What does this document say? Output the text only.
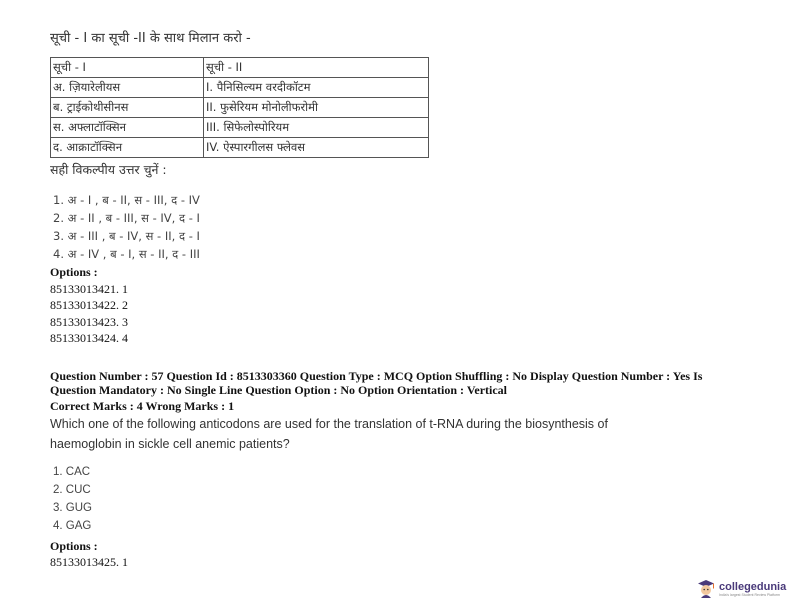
सूची - I का सूची -II के साथ मिलान करो -
सूची - I	सूची - II
अ. ज़ियारेलीयस	I. पैनिसिल्यम वरदीकॉटम
ब. ट्राईकोथीसीनस	II. फुसेरियम मोनोलीफरोमी
स. अफ्लाटॉक्सिन	III. सिफेलोस्पोरियम
द. आक्राटॉक्सिन	IV. ऐस्पारगीलस फ्लेवस
सही विकल्पीय उत्तर चुनें :
1. अ - I , ब - II, स - III, द - IV
2. अ - II , ब - III, स - IV, द - I
3. अ - III , ब - IV, स - II, द - I
4. अ - IV , ब - I, स - II, द - III
Options :
85133013421. 1
85133013422. 2
85133013423. 3
85133013424. 4
Question Number : 57 Question Id : 8513303360 Question Type : MCQ Option Shuffling : No Display Question Number : Yes Is
Question Mandatory : No Single Line Question Option : No Option Orientation : Vertical
Correct Marks : 4 Wrong Marks : 1
Which one of the following anticodons are used for the translation of t-RNA during the biosynthesis of haemoglobin in sickle cell anemic patients?
1. CAC
2. CUC
3. GUG
4. GAG
Options :
85133013425. 1
collegedunia
India's largest Student Review Platform
